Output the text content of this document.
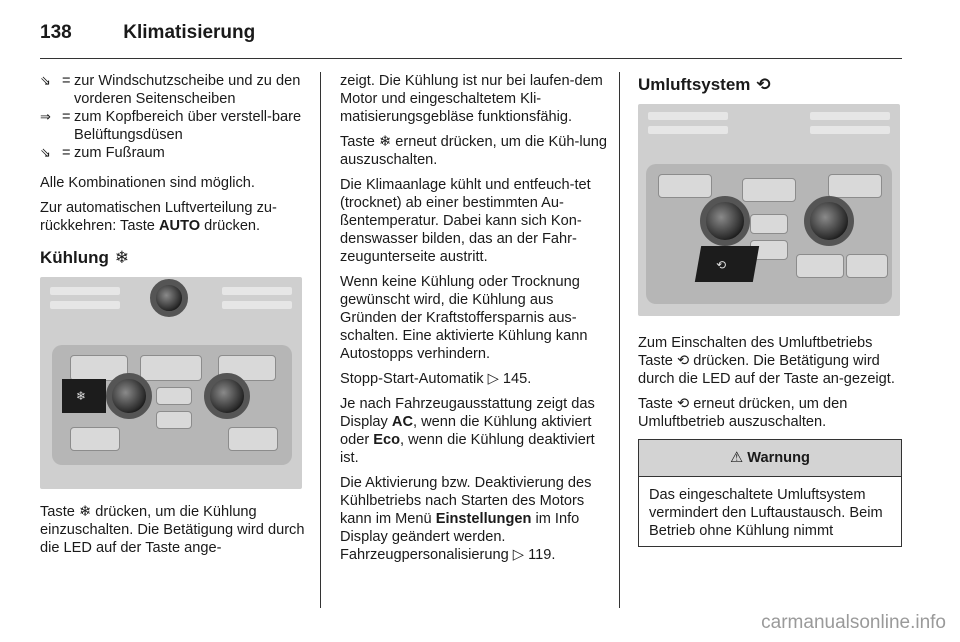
138	Klimatisierung
⇘ = zur Windschutzscheibe und zu den vorderen Seitenscheiben
⇒ = zum Kopfbereich über verstell-bare Belüftungsdüsen
⇘ = zum Fußraum

Alle Kombinationen sind möglich.

Zur automatischen Luftverteilung zu-rückkehren: Taste AUTO drücken.

Kühlung ❄
❄

Taste ❄ drücken, um die Kühlung einzuschalten. Die Betätigung wird durch die LED auf der Taste ange-

zeigt. Die Kühlung ist nur bei laufen-dem Motor und eingeschaltetem Kli-matisierungsgebläse funktionsfähig.

Taste ❄ erneut drücken, um die Küh-lung auszuschalten.

Die Klimaanlage kühlt und entfeuch-tet (trocknet) ab einer bestimmten Au-ßentemperatur. Dabei kann sich Kon-denswasser bilden, das an der Fahr-zeugunterseite austritt.

Wenn keine Kühlung oder Trocknung gewünscht wird, die Kühlung aus Gründen der Kraftstoffersparnis aus-schalten. Eine aktivierte Kühlung kann Autostopps verhindern.

Stopp-Start-Automatik ▷ 145.

Je nach Fahrzeugausstattung zeigt das Display AC, wenn die Kühlung aktiviert oder Eco, wenn die Kühlung deaktiviert ist.

Die Aktivierung bzw. Deaktivierung des Kühlbetriebs nach Starten des Motors kann im Menü Einstellungen im Info Display geändert werden. Fahrzeugpersonalisierung ▷ 119.

Umluftsystem ⟲
⟲

Zum Einschalten des Umluftbetriebs Taste ⟲ drücken. Die Betätigung wird durch die LED auf der Taste an-gezeigt.

Taste ⟲ erneut drücken, um den Umluftbetrieb auszuschalten.

⚠ Warnung
Das eingeschaltete Umluftsystem vermindert den Luftaustausch. Beim Betrieb ohne Kühlung nimmt
carmanualsonline.info
